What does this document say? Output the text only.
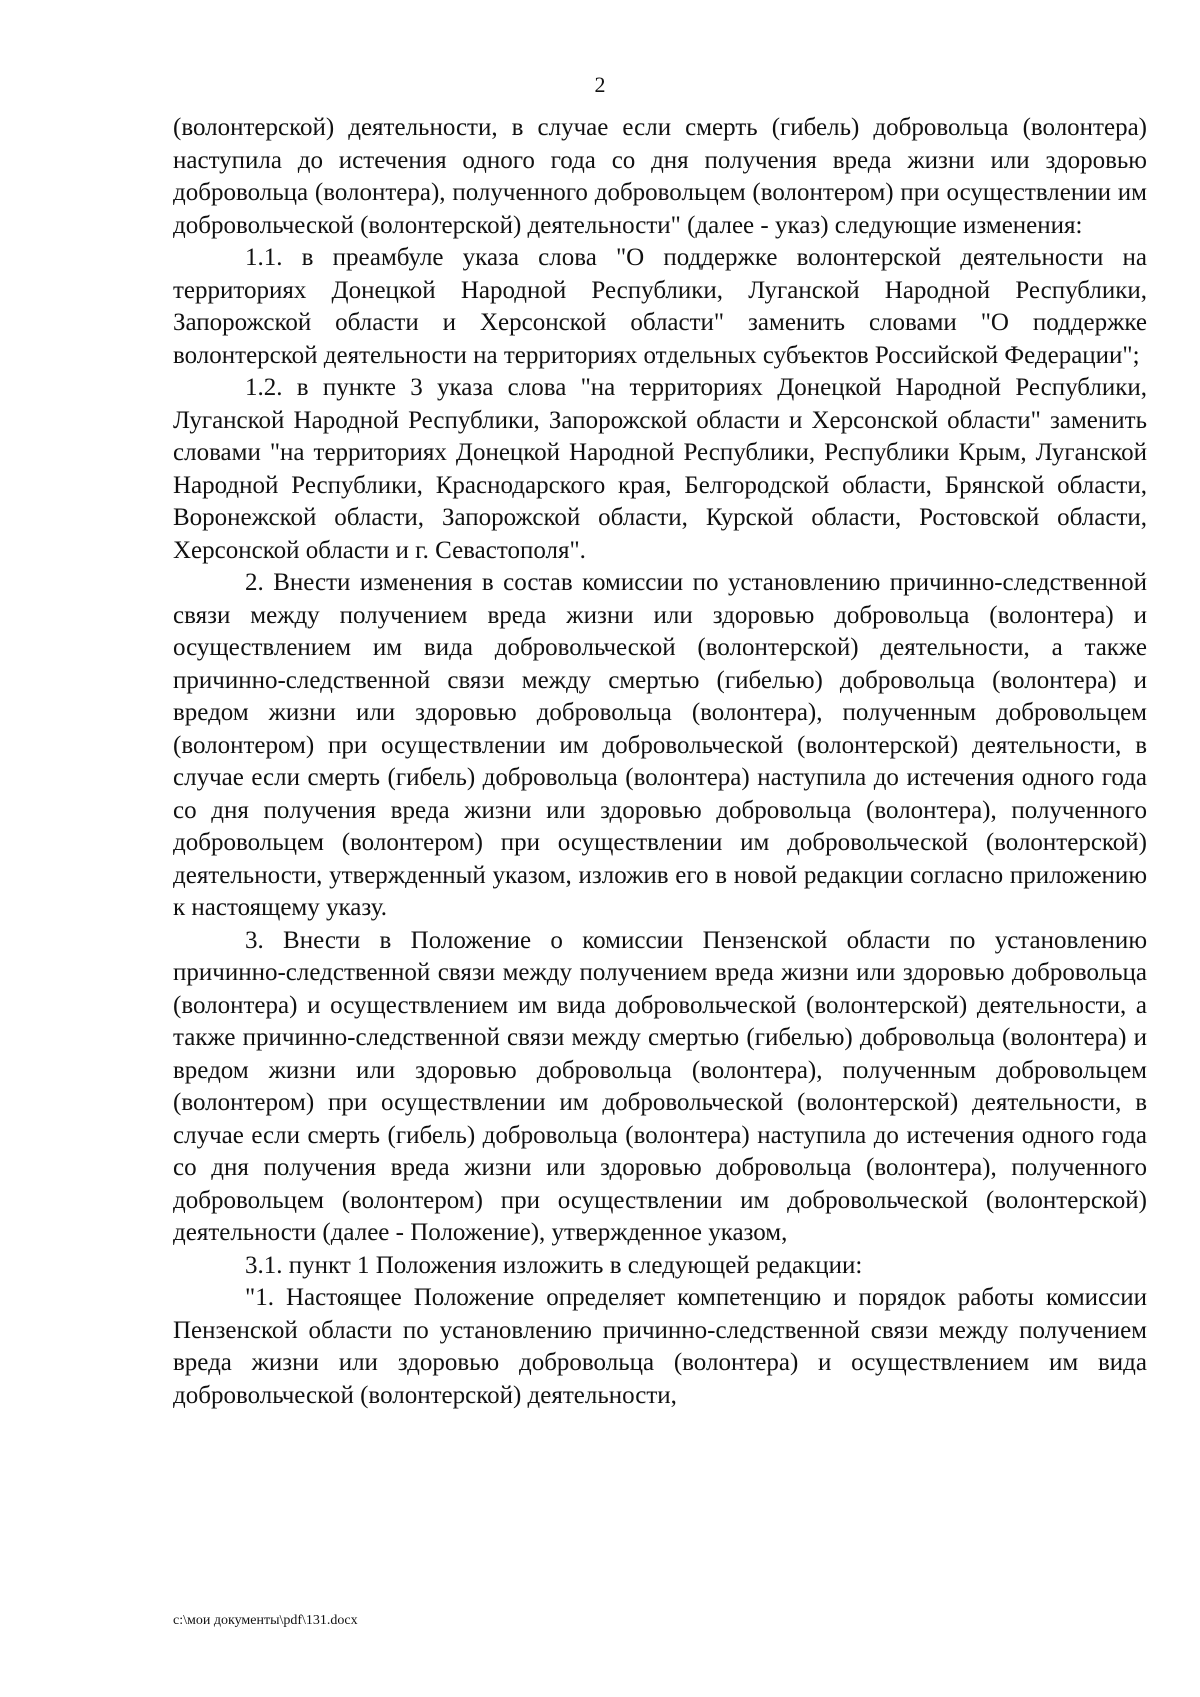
2

(волонтерской) деятельности, в случае если смерть (гибель) добровольца (волонтера) наступила до истечения одного года со дня получения вреда жизни или здоровью добровольца (волонтера), полученного добровольцем (волонтером) при осуществлении им добровольческой (волонтерской) деятельности" (далее - указ) следующие изменения:

1.1. в преамбуле указа слова "О поддержке волонтерской деятельности на территориях Донецкой Народной Республики, Луганской Народной Республики, Запорожской области и Херсонской области" заменить словами "О поддержке волонтерской деятельности на территориях отдельных субъектов Российской Федерации";

1.2. в пункте 3 указа слова "на территориях Донецкой Народной Республики, Луганской Народной Республики, Запорожской области и Херсонской области" заменить словами "на территориях Донецкой Народной Республики, Республики Крым, Луганской Народной Республики, Краснодарского края, Белгородской области, Брянской области, Воронежской области, Запорожской области, Курской области, Ростовской области, Херсонской области и г. Севастополя".

2. Внести изменения в состав комиссии по установлению причинно-следственной связи между получением вреда жизни или здоровью добровольца (волонтера) и осуществлением им вида добровольческой (волонтерской) деятельности, а также причинно-следственной связи между смертью (гибелью) добровольца (волонтера) и вредом жизни или здоровью добровольца (волонтера), полученным добровольцем (волонтером) при осуществлении им добровольческой (волонтерской) деятельности, в случае если смерть (гибель) добровольца (волонтера) наступила до истечения одного года со дня получения вреда жизни или здоровью добровольца (волонтера), полученного добровольцем (волонтером) при осуществлении им добровольческой (волонтерской) деятельности, утвержденный указом, изложив его в новой редакции согласно приложению к настоящему указу.

3. Внести в Положение о комиссии Пензенской области по установлению причинно-следственной связи между получением вреда жизни или здоровью добровольца (волонтера) и осуществлением им вида добровольческой (волонтерской) деятельности, а также причинно-следственной связи между смертью (гибелью) добровольца (волонтера) и вредом жизни или здоровью добровольца (волонтера), полученным добровольцем (волонтером) при осуществлении им добровольческой (волонтерской) деятельности, в случае если смерть (гибель) добровольца (волонтера) наступила до истечения одного года со дня получения вреда жизни или здоровью добровольца (волонтера), полученного добровольцем (волонтером) при осуществлении им добровольческой (волонтерской) деятельности (далее - Положение), утвержденное указом,

3.1. пункт 1 Положения изложить в следующей редакции:

"1. Настоящее Положение определяет компетенцию и порядок работы комиссии Пензенской области по установлению причинно-следственной связи между получением вреда жизни или здоровью добровольца (волонтера) и осуществлением им вида добровольческой (волонтерской) деятельности,

c:\мои документы\pdf\131.docx
